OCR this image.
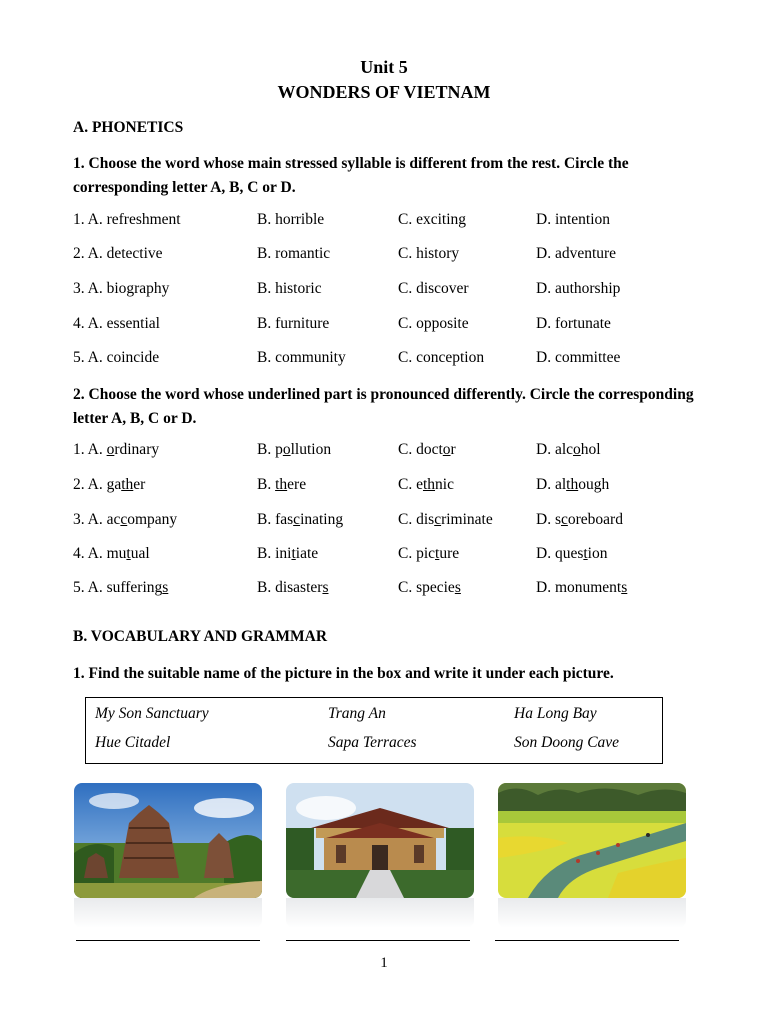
Unit 5
WONDERS OF VIETNAM
A. PHONETICS
1. Choose the word whose main stressed syllable is different from the rest. Circle the corresponding letter A, B, C or D.
1. A. refreshment	B. horrible	C. exciting	D. intention
2. A. detective	B. romantic	C. history	D. adventure
3. A. biography	B. historic	C. discover	D. authorship
4. A. essential	B. furniture	C. opposite	D. fortunate
5. A. coincide	B. community	C. conception	D. committee
2. Choose the word whose underlined part is pronounced differently. Circle the corresponding letter A, B, C or D.
1. A. ordinary	B. pollution	C. doctor	D. alcohol
2. A. gather	B. there	C. ethnic	D. although
3. A. accompany	B. fascinating	C. discriminate	D. scoreboard
4. A. mutual	B. initiate	C. picture	D. question
5. A. sufferings	B. disasters	C. species	D. monuments
B. VOCABULARY AND GRAMMAR
1. Find the suitable name of the picture in the box and write it under each picture.
My Son Sanctuary	Trang An	Ha Long Bay
Hue Citadel	Sapa Terraces	Son Doong Cave
1
